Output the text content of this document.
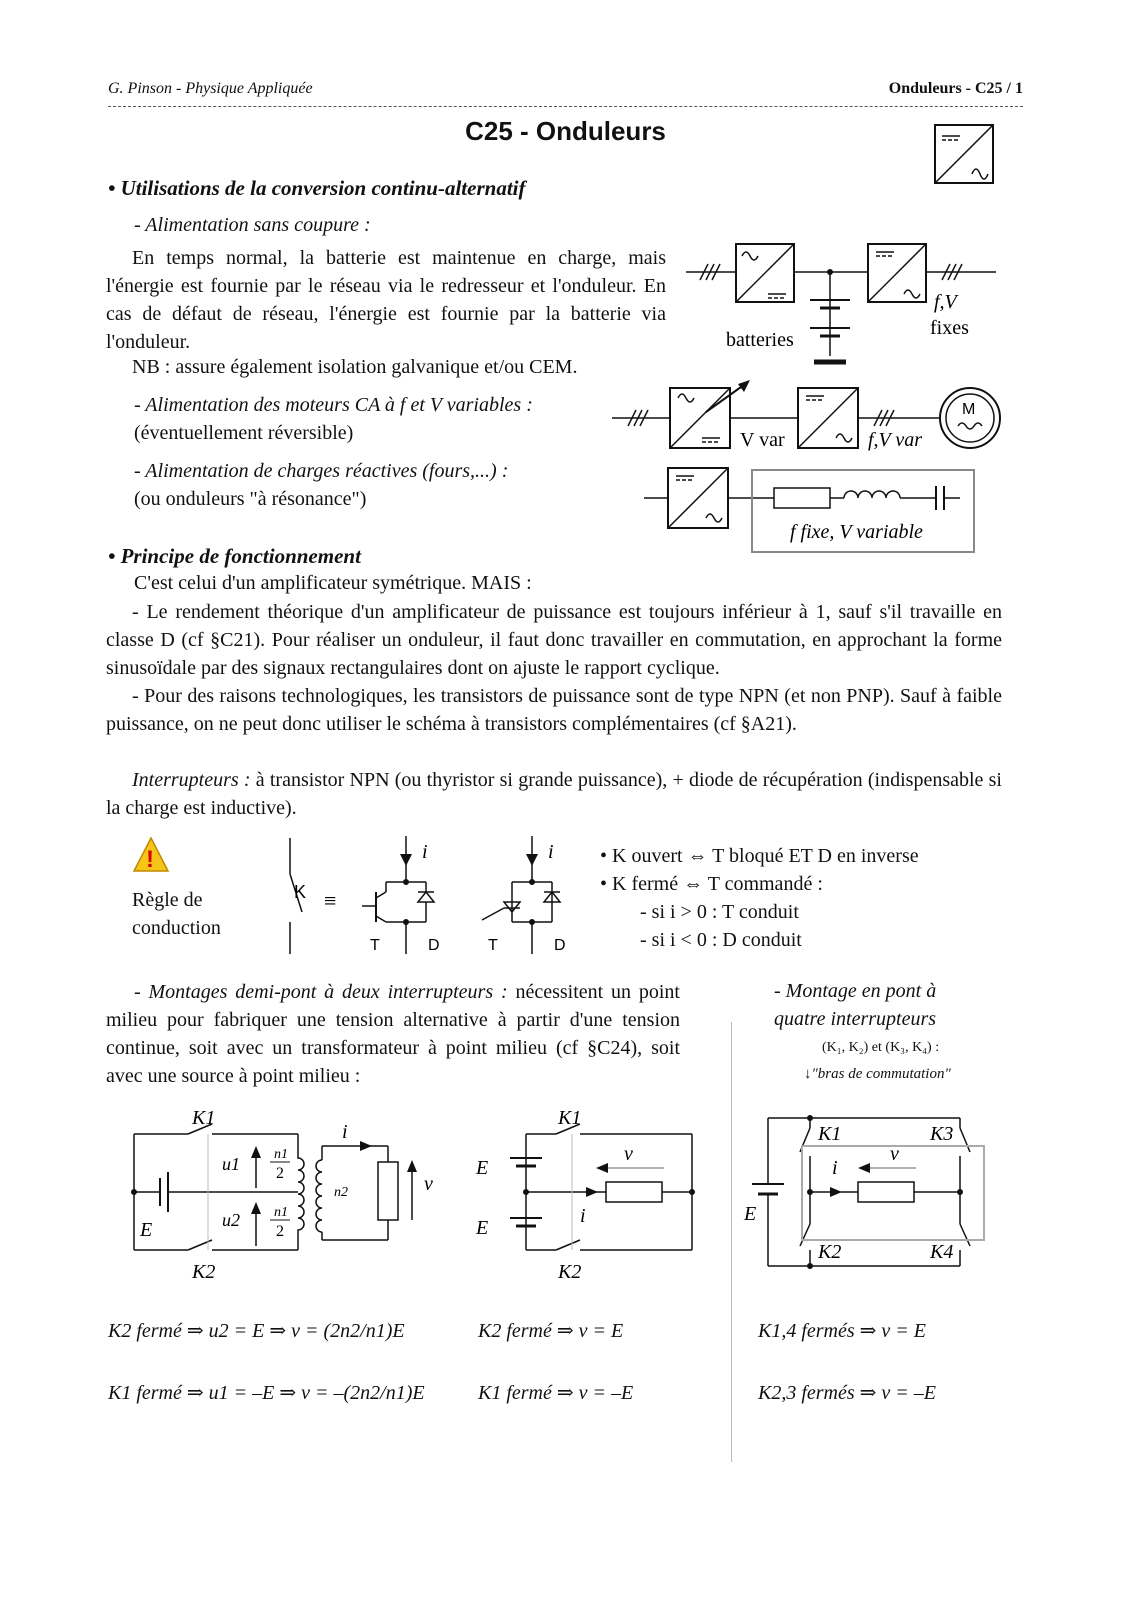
G. Pinson - Physique Appliquée	Onduleurs - C25 / 1
C25 - Onduleurs
• Utilisations de la conversion continu-alternatif
- Alimentation sans coupure :
En temps normal, la batterie est maintenue en charge, mais l'énergie est fournie par le réseau via le redresseur et l'onduleur. En cas de défaut de réseau, l'énergie est fournie par la batterie via l'onduleur.
NB : assure également isolation galvanique et/ou CEM.
- Alimentation des moteurs CA à f et V variables :
(éventuellement réversible)
- Alimentation de charges réactives (fours,...) :
(ou onduleurs "à résonance")
f,V
fixes
batteries
M
V var	f,V var
f fixe, V variable
• Principe de fonctionnement
C'est celui d'un amplificateur symétrique. MAIS :
- Le rendement théorique d'un amplificateur de puissance est toujours inférieur à 1, sauf s'il travaille en classe D (cf §C21). Pour réaliser un onduleur, il faut donc travailler en commutation, en approchant la forme sinusoïdale par des signaux rectangulaires dont on ajuste le rapport cyclique.
- Pour des raisons technologiques, les transistors de puissance sont de type NPN (et non PNP). Sauf à faible puissance, on ne peut donc utiliser le schéma à transistors complémentaires (cf §A21).
Interrupteurs : à transistor NPN (ou thyristor si grande puissance), + diode de récupération (indispensable si la charge est inductive).
!
Règle de conduction
K ≡
i
T	D
i
T	D
• K ouvert ⇔ T bloqué ET D en inverse
• K fermé ⇔ T commandé :
- si i > 0 : T conduit
- si i < 0 : D conduit
- Montages demi-pont à deux interrupteurs : nécessitent un point milieu pour fabriquer une tension alternative à partir d'une tension continue, soit avec un transformateur à point milieu (cf §C24), soit avec une source à point milieu :
- Montage en pont à
quatre interrupteurs
(K₁, K₂) et (K₃, K₄) :
↓"bras de commutation"
K1
K2
E
u1
u2
n1
2
n1
2
n2
i
v
K1
K2
E
E
i
v
E
i
v
K1	K3
K2	K4
K2 fermé ⇒ u2 = E ⇒ v = (2n2/n1)E
K1 fermé ⇒ u1 = –E ⇒ v = –(2n2/n1)E
K2 fermé ⇒ v = E
K1 fermé ⇒ v = –E
K1,4 fermés ⇒ v = E
K2,3 fermés ⇒ v = –E
